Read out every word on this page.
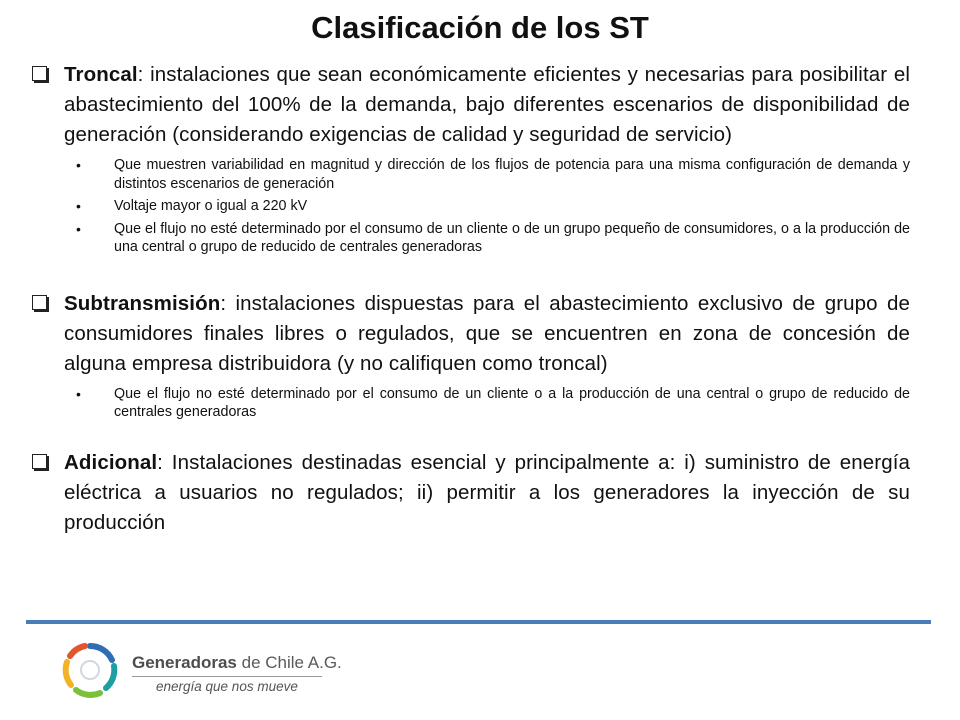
Clasificación de los ST

Troncal: instalaciones que sean económicamente eficientes y necesarias para posibilitar el abastecimiento del 100% de la demanda, bajo diferentes escenarios de disponibilidad de generación (considerando exigencias de calidad y seguridad de servicio)

• Que muestren variabilidad en magnitud y dirección de los flujos de potencia para una misma configuración de demanda y distintos escenarios de generación
• Voltaje mayor o igual a 220 kV
• Que el flujo no esté determinado por el consumo de un cliente o de un grupo pequeño de consumidores, o a la producción de una central o grupo de reducido de centrales generadoras

Subtransmisión: instalaciones dispuestas para el abastecimiento exclusivo de grupo de consumidores finales libres o regulados, que se encuentren en zona de concesión de alguna empresa distribuidora (y no califiquen como troncal)

• Que el flujo no esté determinado por el consumo de un cliente o a la producción de una central o grupo de reducido de centrales generadoras

Adicional: Instalaciones destinadas esencial y principalmente a: i) suministro de energía eléctrica a usuarios no regulados; ii) permitir a los generadores la inyección de su producción

Generadoras de Chile A.G.
energía que nos mueve
